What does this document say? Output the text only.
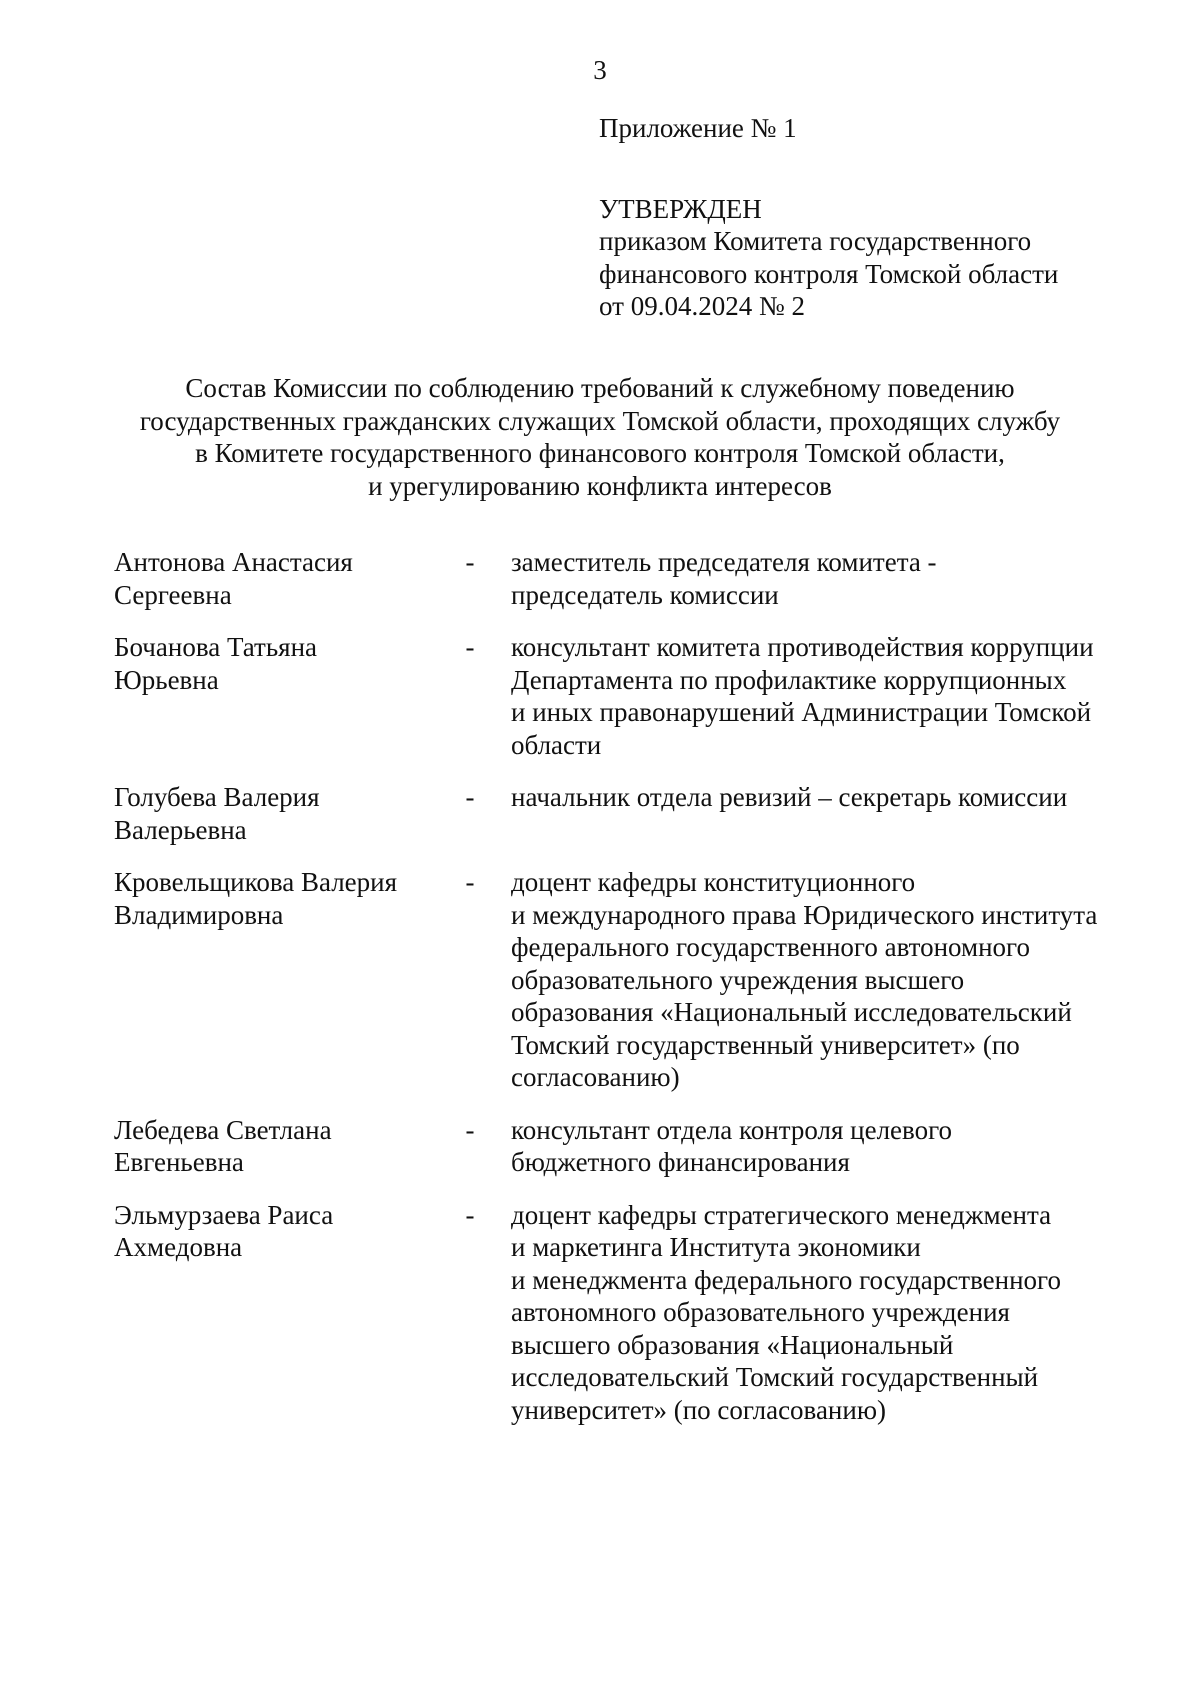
3
Приложение № 1
УТВЕРЖДЕН
приказом Комитета государственного
финансового контроля Томской области
от 09.04.2024 № 2
Состав Комиссии по соблюдению требований к служебному поведению
государственных гражданских служащих Томской области, проходящих службу
в Комитете государственного финансового контроля Томской области,
и урегулированию конфликта интересов
Антонова Анастасия
Сергеевна
-	заместитель председателя комитета -
председатель комиссии
Бочанова Татьяна
Юрьевна
-	консультант комитета противодействия коррупции
Департамента по профилактике коррупционных
и иных правонарушений Администрации Томской
области
Голубева Валерия
Валерьевна
-	начальник отдела ревизий – секретарь комиссии
Кровельщикова Валерия
Владимировна
-	доцент кафедры конституционного
и международного права Юридического института
федерального государственного автономного
образовательного учреждения высшего
образования «Национальный исследовательский
Томский государственный университет» (по
согласованию)
Лебедева Светлана
Евгеньевна
-	консультант отдела контроля целевого
бюджетного финансирования
Эльмурзаева Раиса
Ахмедовна
-	доцент кафедры стратегического менеджмента
и маркетинга Института экономики
и менеджмента федерального государственного
автономного образовательного учреждения
высшего образования «Национальный
исследовательский Томский государственный
университет» (по согласованию)
